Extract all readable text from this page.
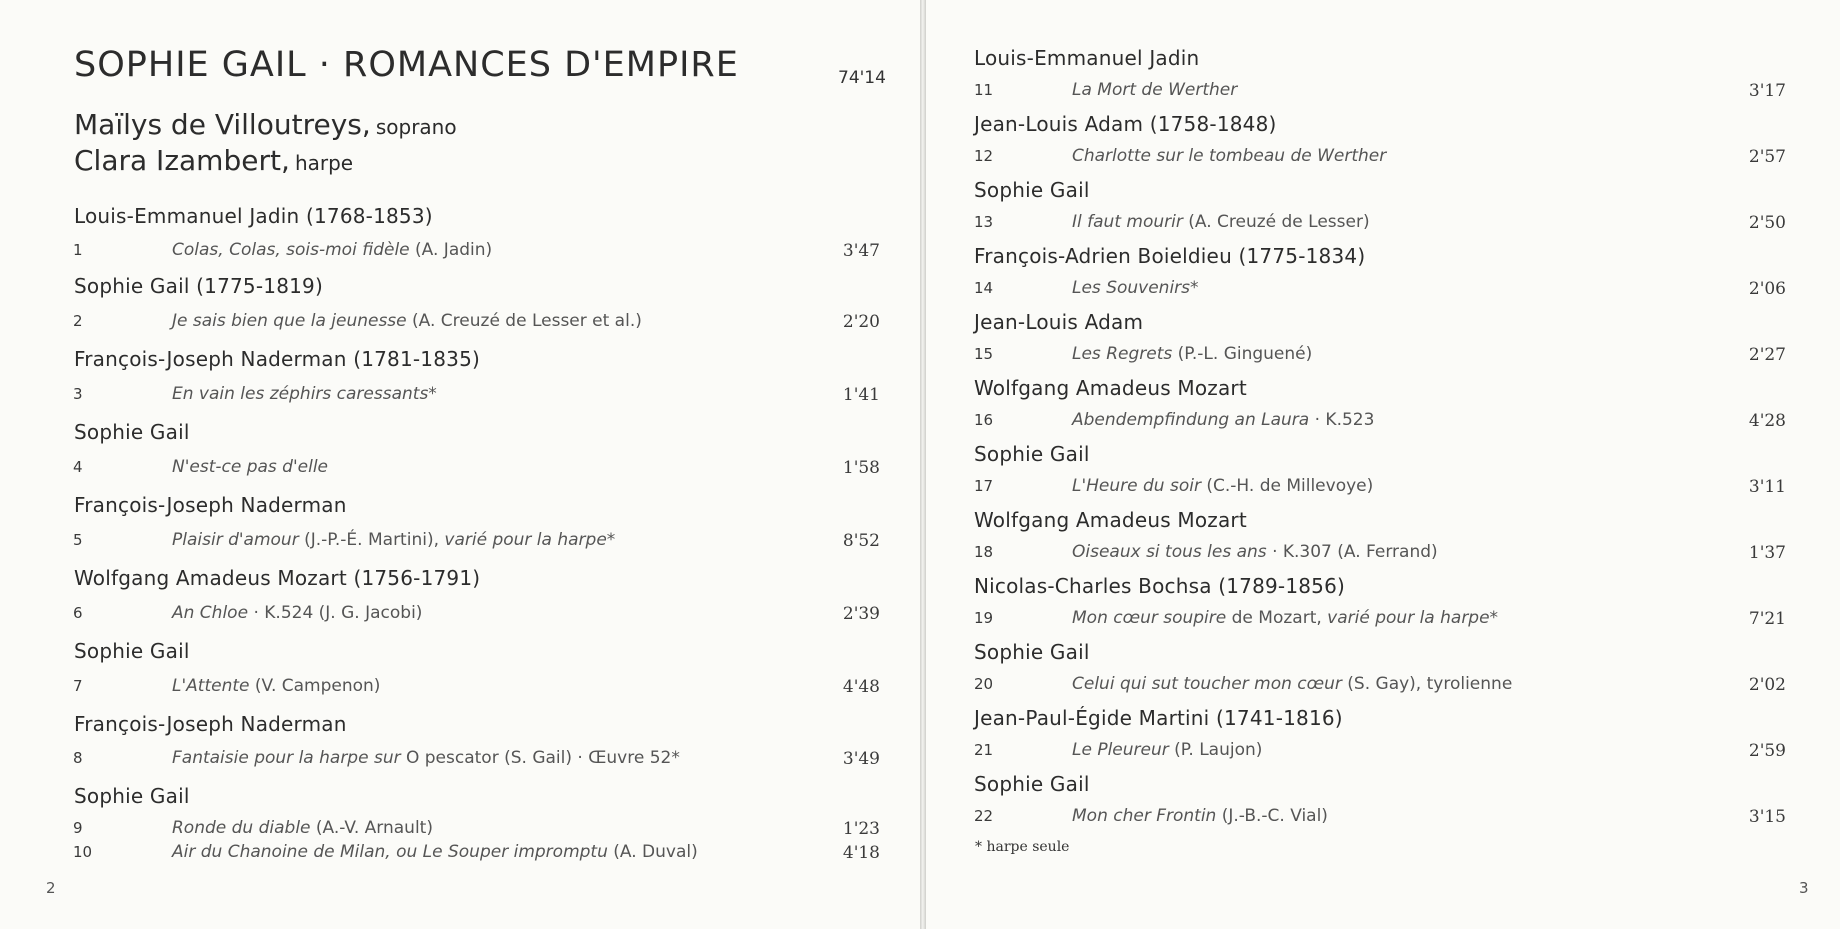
SOPHIE GAIL · ROMANCES D'EMPIRE	74'14
Maïlys de Villoutreys, soprano
Clara Izambert, harpe
Louis-Emmanuel Jadin (1768-1853)
1	Colas, Colas, sois-moi fidèle (A. Jadin)	3'47
Sophie Gail (1775-1819)
2	Je sais bien que la jeunesse (A. Creuzé de Lesser et al.)	2'20
François-Joseph Naderman (1781-1835)
3	En vain les zéphirs caressants*	1'41
Sophie Gail
4	N'est-ce pas d'elle	1'58
François-Joseph Naderman
5	Plaisir d'amour (J.-P.-É. Martini), varié pour la harpe*	8'52
Wolfgang Amadeus Mozart (1756-1791)
6	An Chloe · K.524 (J. G. Jacobi)	2'39
Sophie Gail
7	L'Attente (V. Campenon)	4'48
François-Joseph Naderman
8	Fantaisie pour la harpe sur O pescator (S. Gail) · Œuvre 52*	3'49
Sophie Gail
9	Ronde du diable (A.-V. Arnault)	1'23
10	Air du Chanoine de Milan, ou Le Souper impromptu (A. Duval)	4'18
2
Louis-Emmanuel Jadin
11	La Mort de Werther	3'17
Jean-Louis Adam (1758-1848)
12	Charlotte sur le tombeau de Werther	2'57
Sophie Gail
13	Il faut mourir (A. Creuzé de Lesser)	2'50
François-Adrien Boieldieu (1775-1834)
14	Les Souvenirs*	2'06
Jean-Louis Adam
15	Les Regrets (P.-L. Ginguené)	2'27
Wolfgang Amadeus Mozart
16	Abendempfindung an Laura · K.523	4'28
Sophie Gail
17	L'Heure du soir (C.-H. de Millevoye)	3'11
Wolfgang Amadeus Mozart
18	Oiseaux si tous les ans · K.307 (A. Ferrand)	1'37
Nicolas-Charles Bochsa (1789-1856)
19	Mon cœur soupire de Mozart, varié pour la harpe*	7'21
Sophie Gail
20	Celui qui sut toucher mon cœur (S. Gay), tyrolienne	2'02
Jean-Paul-Égide Martini (1741-1816)
21	Le Pleureur (P. Laujon)	2'59
Sophie Gail
22	Mon cher Frontin (J.-B.-C. Vial)	3'15
* harpe seule
3
